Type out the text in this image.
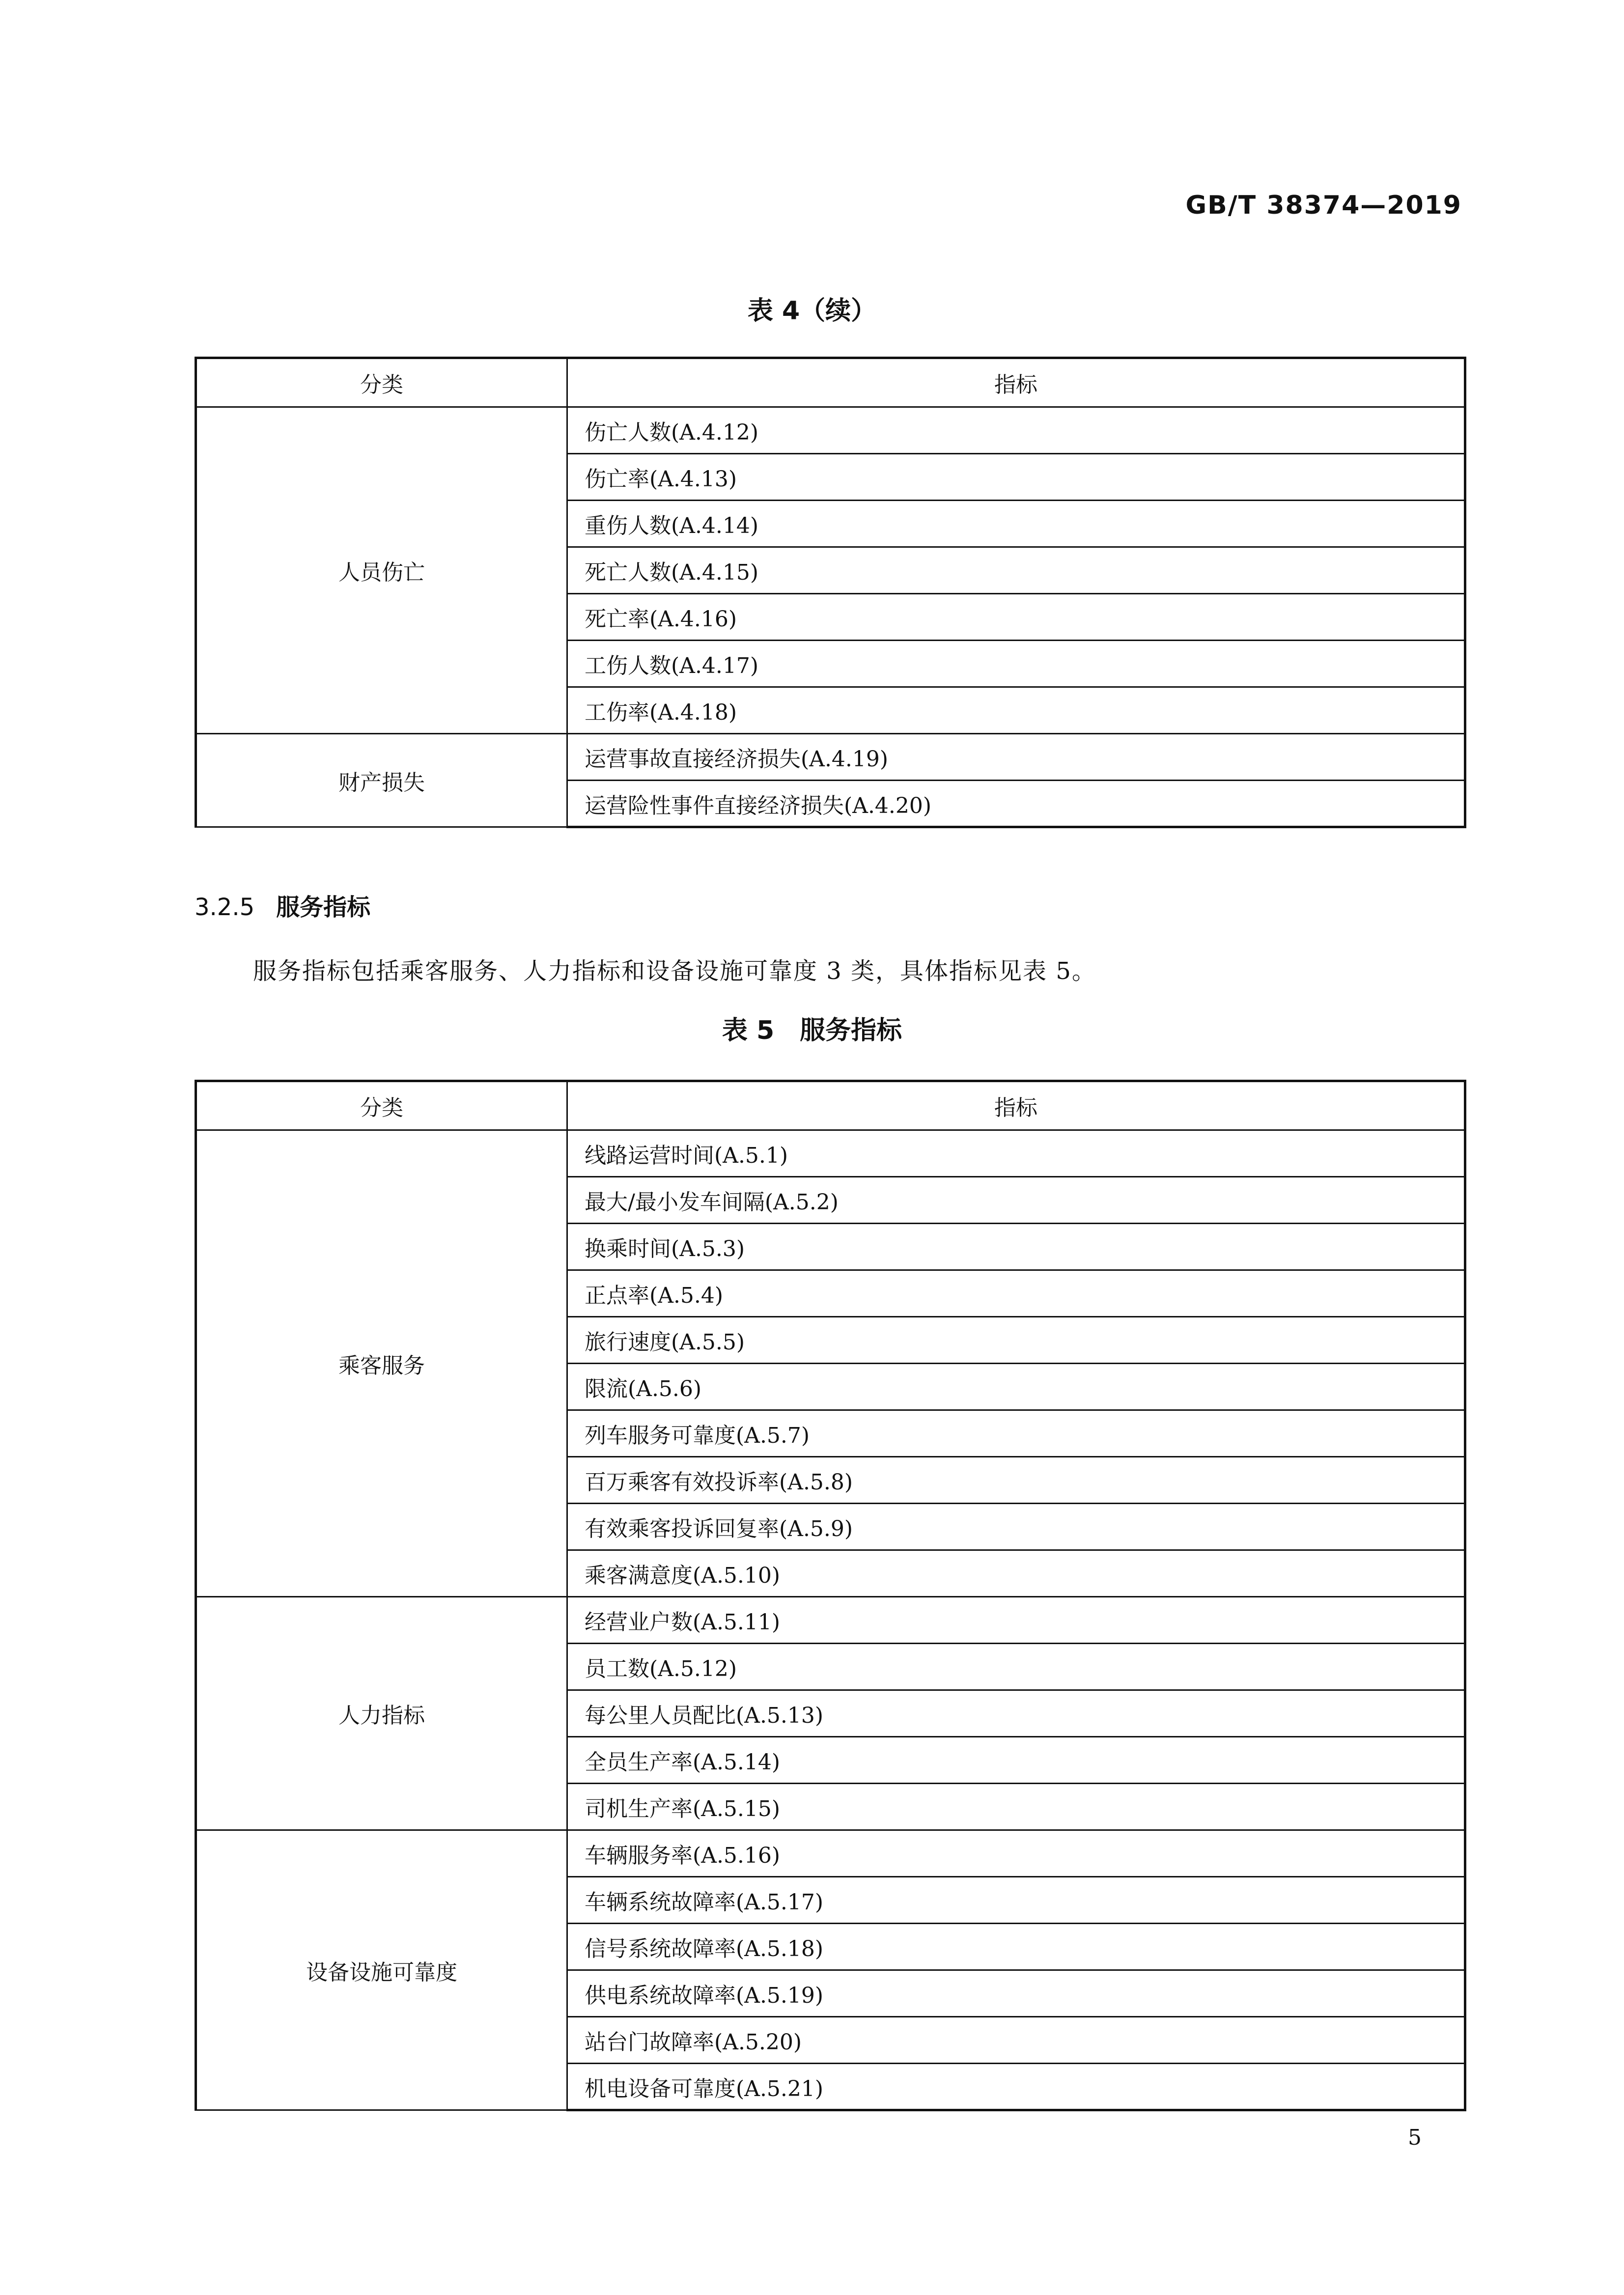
GB/T 38374—2019
表 4（续）
分类	指标
人员伤亡	伤亡人数(A.4.12)
	伤亡率(A.4.13)
	重伤人数(A.4.14)
	死亡人数(A.4.15)
	死亡率(A.4.16)
	工伤人数(A.4.17)
	工伤率(A.4.18)
财产损失	运营事故直接经济损失(A.4.19)
	运营险性事件直接经济损失(A.4.20)
3.2.5 服务指标
服务指标包括乘客服务、人力指标和设备设施可靠度 3 类，具体指标见表 5。
表 5　服务指标
分类	指标
乘客服务	线路运营时间(A.5.1)
	最大/最小发车间隔(A.5.2)
	换乘时间(A.5.3)
	正点率(A.5.4)
	旅行速度(A.5.5)
	限流(A.5.6)
	列车服务可靠度(A.5.7)
	百万乘客有效投诉率(A.5.8)
	有效乘客投诉回复率(A.5.9)
	乘客满意度(A.5.10)
人力指标	经营业户数(A.5.11)
	员工数(A.5.12)
	每公里人员配比(A.5.13)
	全员生产率(A.5.14)
	司机生产率(A.5.15)
设备设施可靠度	车辆服务率(A.5.16)
	车辆系统故障率(A.5.17)
	信号系统故障率(A.5.18)
	供电系统故障率(A.5.19)
	站台门故障率(A.5.20)
	机电设备可靠度(A.5.21)
5
